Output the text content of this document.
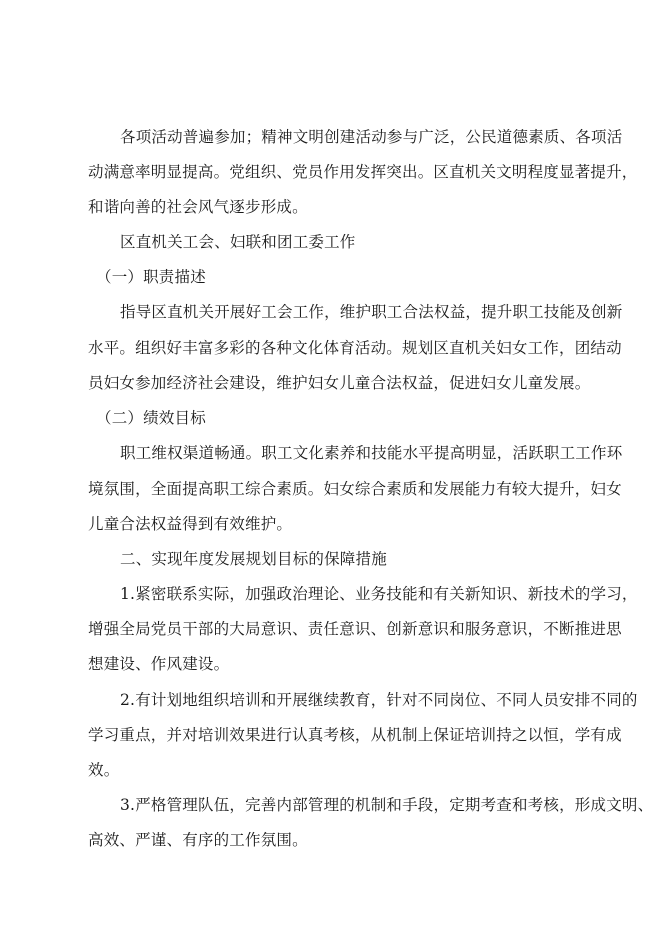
各项活动普遍参加；精神文明创建活动参与广泛，公民道德素质、各项活
动满意率明显提高。党组织、党员作用发挥突出。区直机关文明程度显著提升，
和谐向善的社会风气逐步形成。
区直机关工会、妇联和团工委工作
（一）职责描述
指导区直机关开展好工会工作，维护职工合法权益，提升职工技能及创新
水平。组织好丰富多彩的各种文化体育活动。规划区直机关妇女工作，团结动
员妇女参加经济社会建设，维护妇女儿童合法权益，促进妇女儿童发展。
（二）绩效目标
职工维权渠道畅通。职工文化素养和技能水平提高明显，活跃职工工作环
境氛围，全面提高职工综合素质。妇女综合素质和发展能力有较大提升，妇女
儿童合法权益得到有效维护。
二、实现年度发展规划目标的保障措施
1.紧密联系实际，加强政治理论、业务技能和有关新知识、新技术的学习，
增强全局党员干部的大局意识、责任意识、创新意识和服务意识，不断推进思
想建设、作风建设。
2.有计划地组织培训和开展继续教育，针对不同岗位、不同人员安排不同的
学习重点，并对培训效果进行认真考核，从机制上保证培训持之以恒，学有成
效。
3.严格管理队伍，完善内部管理的机制和手段，定期考查和考核，形成文明、
高效、严谨、有序的工作氛围。
